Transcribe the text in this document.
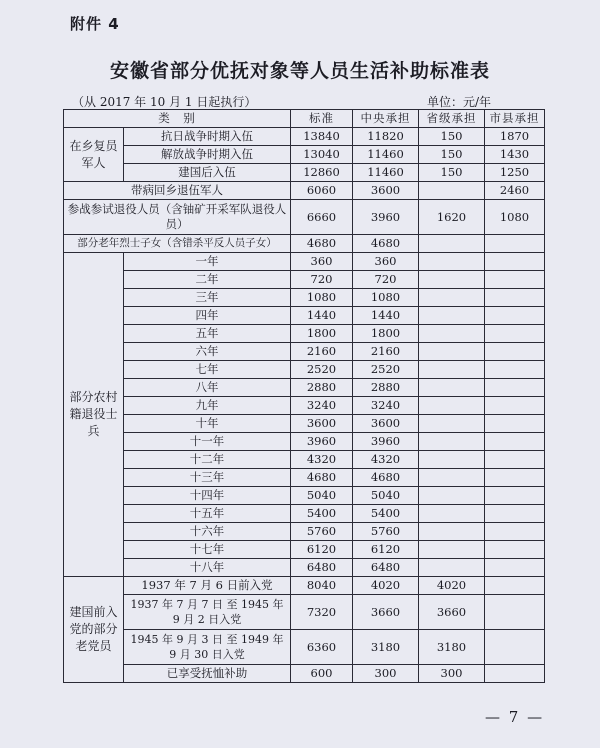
附件 4
安徽省部分优抚对象等人员生活补助标准表
（从 2017 年 10 月 1 日起执行）	单位：元/年
类　别		标准	中央承担	省级承担	市县承担
在乡复员军人	抗日战争时期入伍	13840	11820	150	1870
	解放战争时期入伍	13040	11460	150	1430
	建国后入伍	12860	11460	150	1250
带病回乡退伍军人		6060	3600		2460
参战参试退役人员（含铀矿开采军队退役人员）		6660	3960	1620	1080
部分老年烈士子女（含错杀平反人员子女）		4680	4680		
部分农村籍退役士兵	一年	360	360		
	二年	720	720		
	三年	1080	1080		
	四年	1440	1440		
	五年	1800	1800		
	六年	2160	2160		
	七年	2520	2520		
	八年	2880	2880		
	九年	3240	3240		
	十年	3600	3600		
	十一年	3960	3960		
	十二年	4320	4320		
	十三年	4680	4680		
	十四年	5040	5040		
	十五年	5400	5400		
	十六年	5760	5760		
	十七年	6120	6120		
	十八年	6480	6480		
建国前入党的部分老党员	1937 年 7 月 6 日前入党	8040	4020	4020	
	1937 年 7 月 7 日 至 1945 年 9 月 2 日入党	7320	3660	3660	
	1945 年 9 月 3 日 至 1949 年 9 月 30 日入党	6360	3180	3180	
	已享受抚恤补助	600	300	300	
— 7 —
